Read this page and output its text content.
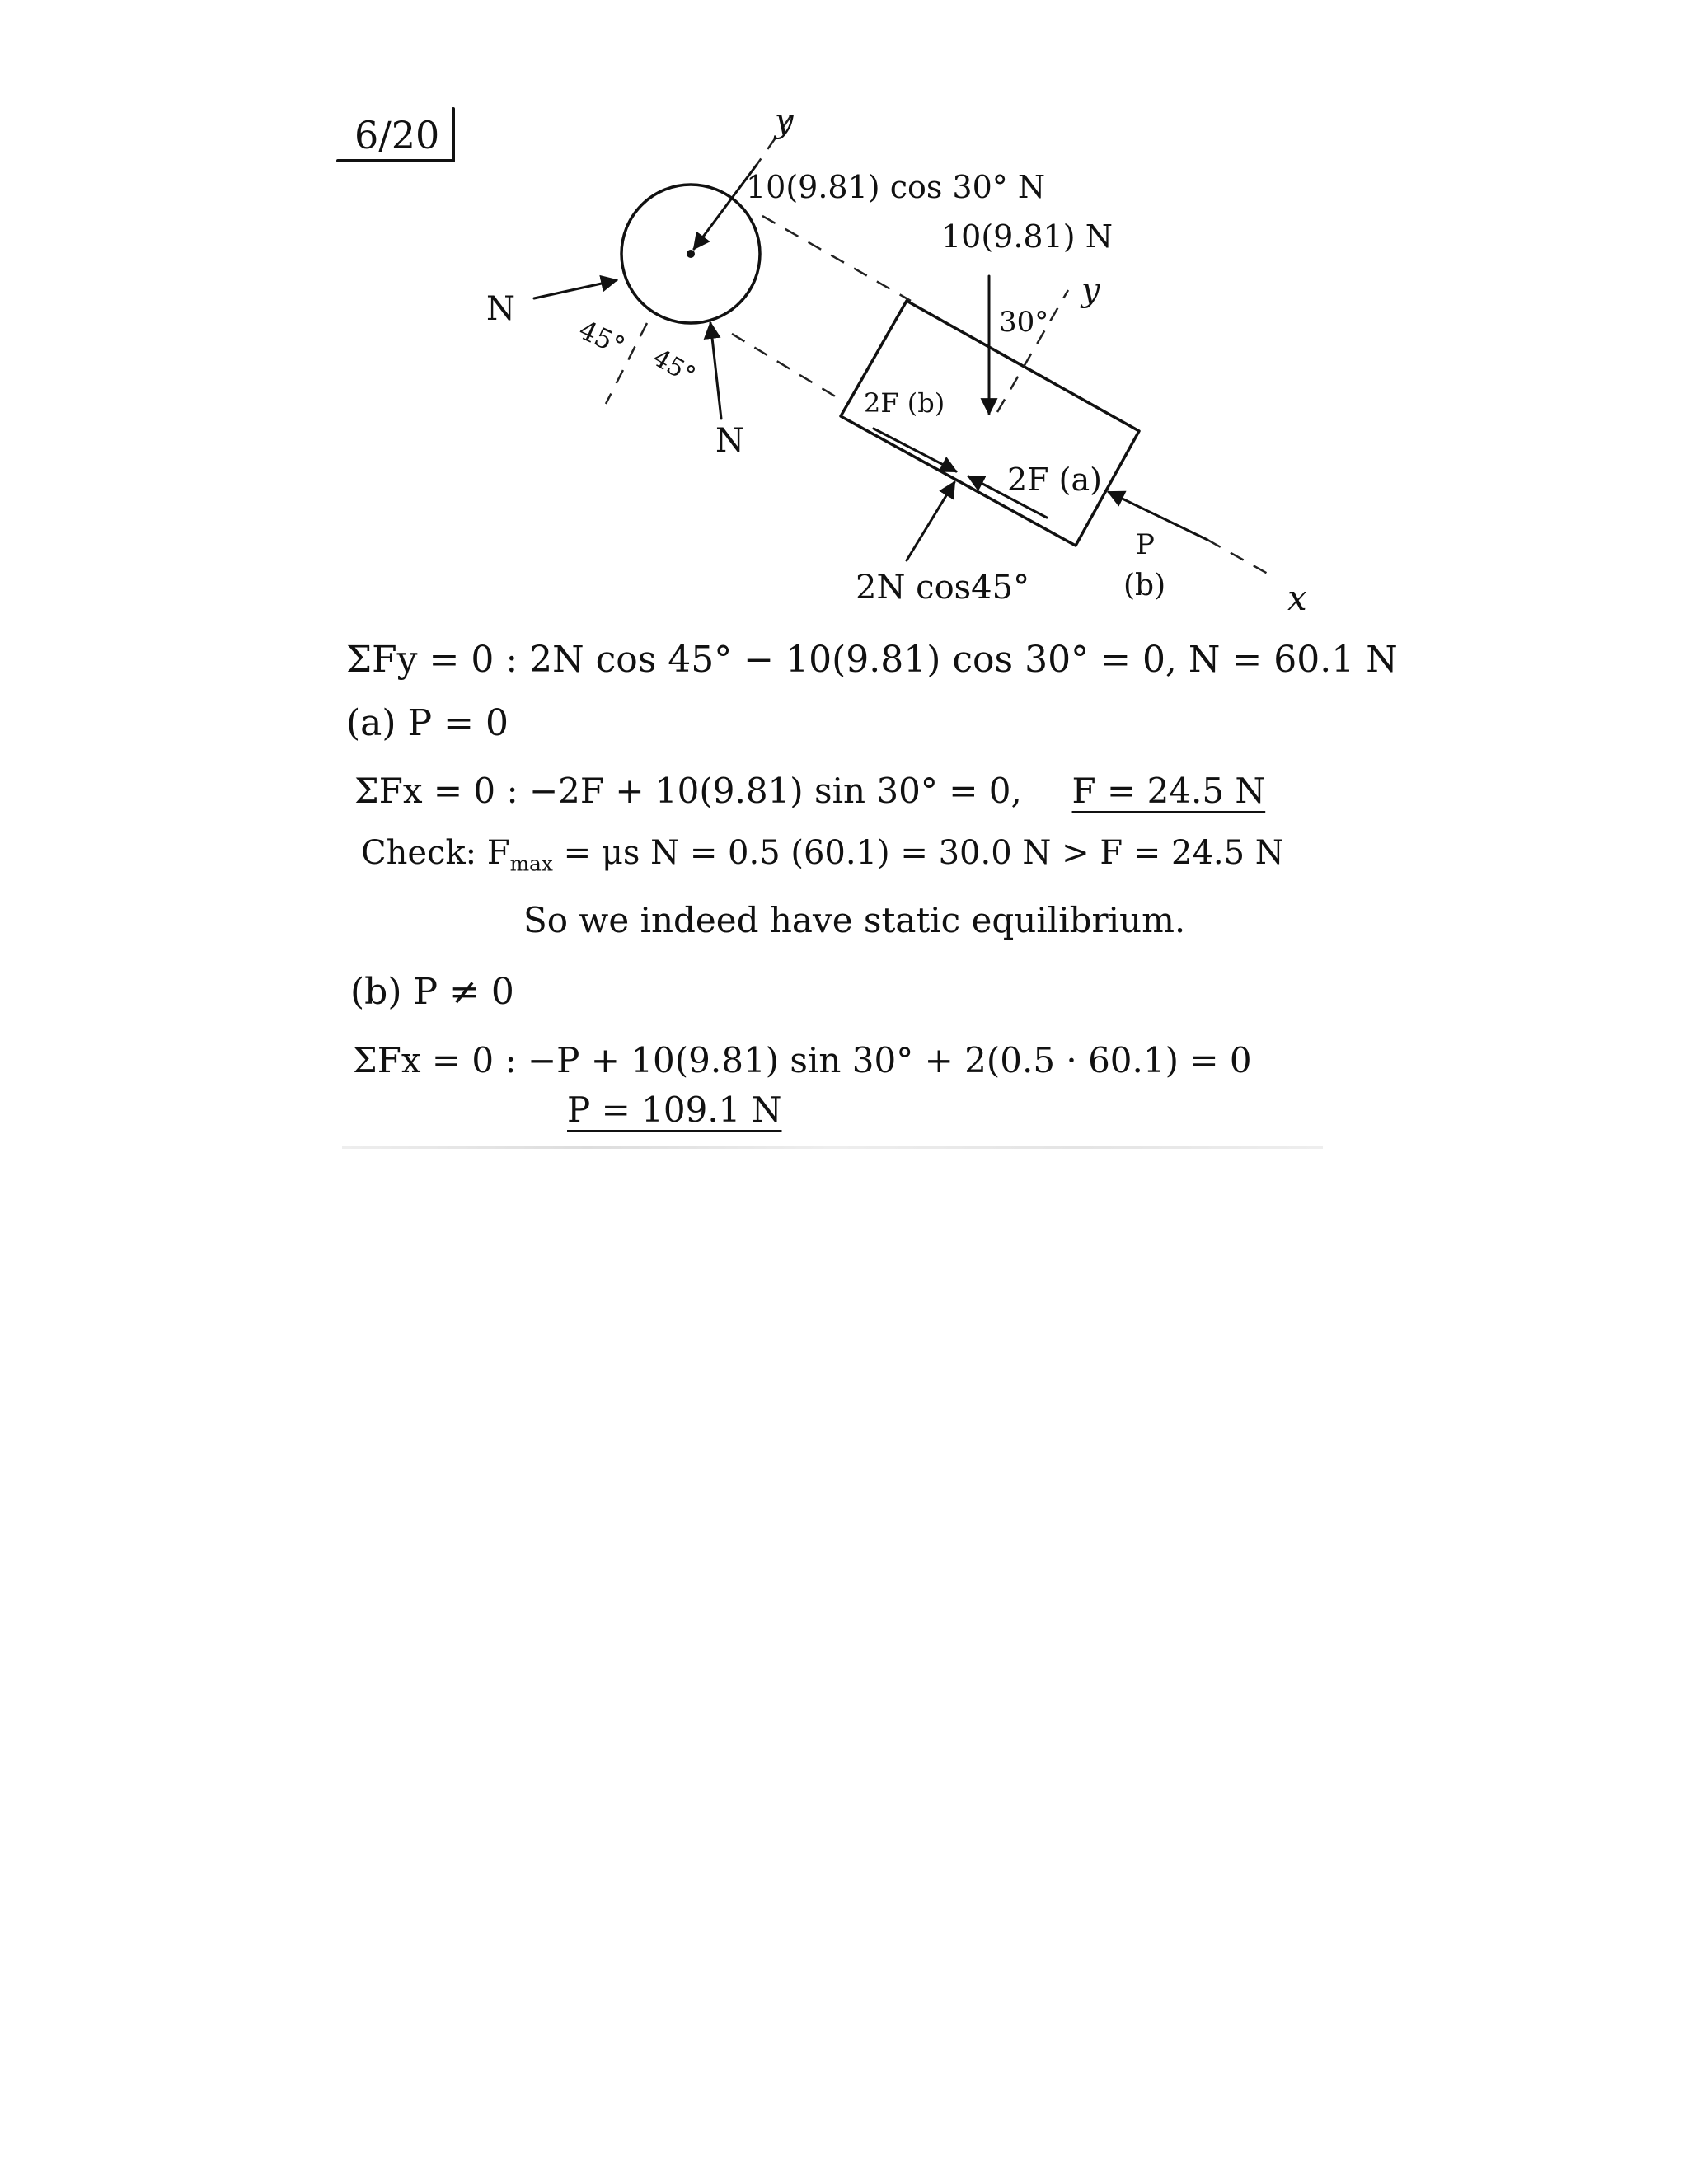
6/20	y
10(9.81) cos 30° N
N
N
45°
45°
10(9.81) N
y
30°
2F (b)
2F (a)
2N cos45°	x
P
(b)
ΣFy = 0 : 2N cos 45° − 10(9.81) cos 30° = 0, N = 60.1 N
(a) P = 0
ΣFx = 0 : −2F + 10(9.81) sin 30° = 0, F = 24.5 N
Check: $F_{max} = \mu s$ N = 0.5 (60.1) = 30.0 N > F = 24.5 N
So we indeed have static equilibrium.
(b) P ≠ 0
ΣFx = 0 : −P + 10(9.81) sin 30° + 2(0.5 · 60.1) = 0
P = 109.1 N
